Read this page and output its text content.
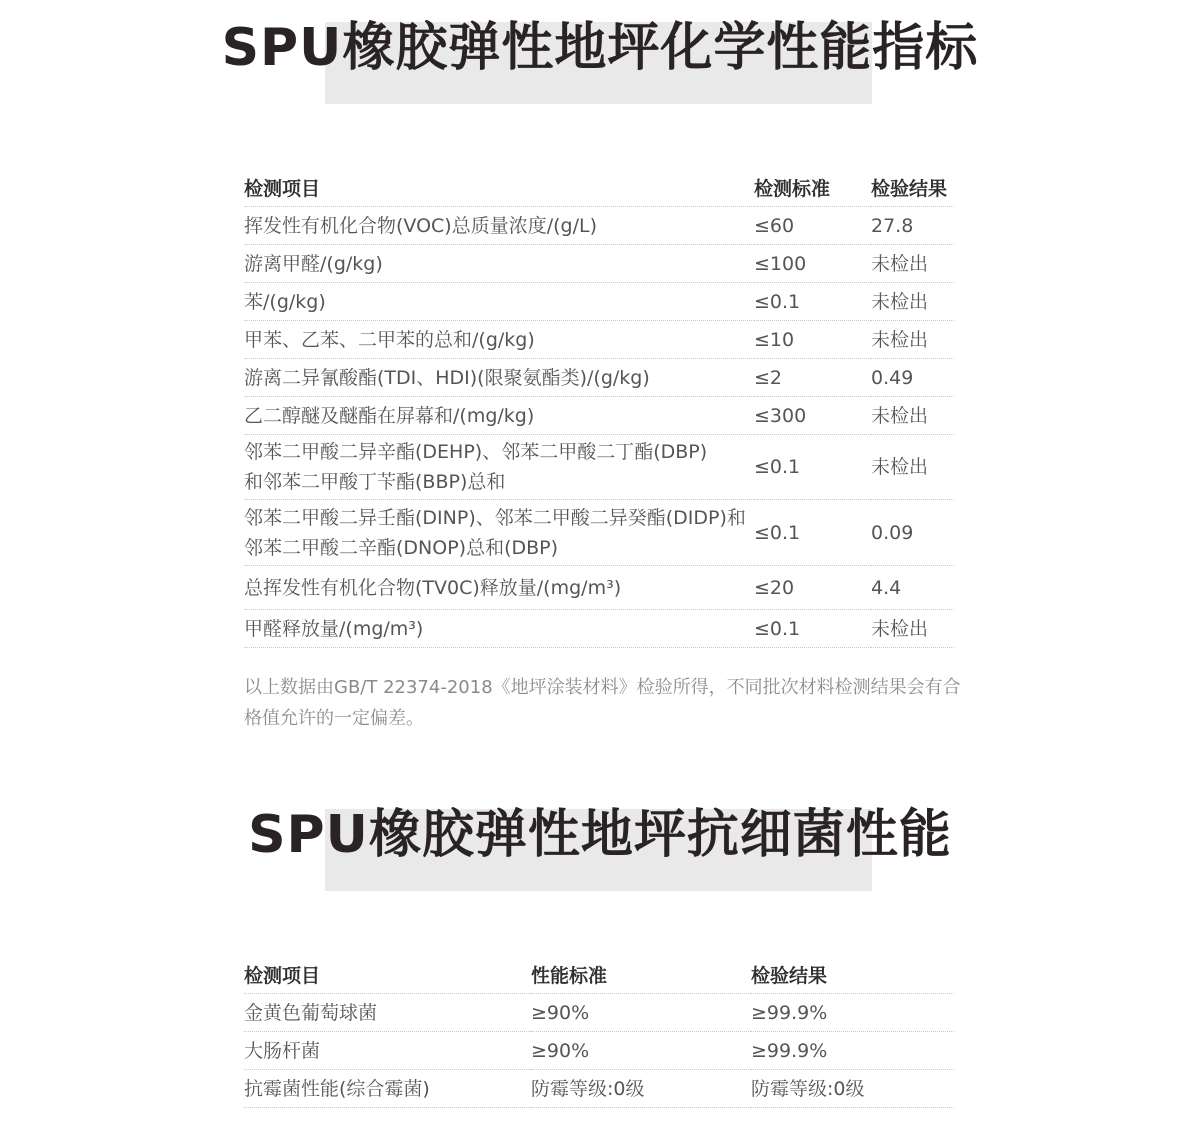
SPU橡胶弹性地坪化学性能指标
检测项目	检测标准	检验结果
挥发性有机化合物(VOC)总质量浓度/(g/L)	≤60	27.8
游离甲醛/(g/kg)	≤100	未检出
苯/(g/kg)	≤0.1	未检出
甲苯、乙苯、二甲苯的总和/(g/kg)	≤10	未检出
游离二异氰酸酯(TDI、HDI)(限聚氨酯类)/(g/kg)	≤2	0.49
乙二醇醚及醚酯在屏幕和/(mg/kg)	≤300	未检出
邻苯二甲酸二异辛酯(DEHP)、邻苯二甲酸二丁酯(DBP)和邻苯二甲酸丁苄酯(BBP)总和	≤0.1	未检出
邻苯二甲酸二异壬酯(DINP)、邻苯二甲酸二异癸酯(DIDP)和邻苯二甲酸二辛酯(DNOP)总和(DBP)	≤0.1	0.09
总挥发性有机化合物(TV0C)释放量/(mg/m³)	≤20	4.4
甲醛释放量/(mg/m³)	≤0.1	未检出
以上数据由GB/T 22374-2018《地坪涂装材料》检验所得，不同批次材料检测结果会有合格值允许的一定偏差。
SPU橡胶弹性地坪抗细菌性能
检测项目	性能标准	检验结果
金黄色葡萄球菌	≥90%	≥99.9%
大肠杆菌	≥90%	≥99.9%
抗霉菌性能(综合霉菌)	防霉等级:0级	防霉等级:0级
